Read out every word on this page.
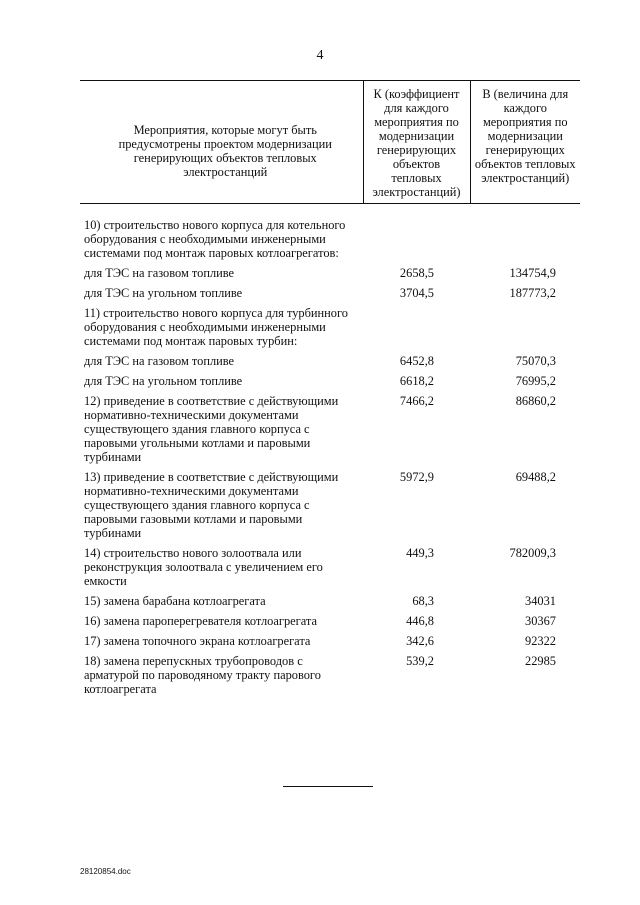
4
Мероприятия, которые могут быть предусмотрены проектом модернизации генерирующих объектов тепловых электростанций	К (коэффициент для каждого мероприятия по модернизации генерирующих объектов тепловых электростанций)	В (величина для каждого мероприятия по модернизации генерирующих объектов тепловых электростанций)
10) строительство нового корпуса для котельного оборудования с необходимыми инженерными системами под монтаж паровых котлоагрегатов:		
для ТЭС на газовом топливе	2658,5	134754,9
для ТЭС на угольном топливе	3704,5	187773,2
11) строительство нового корпуса для турбинного оборудования с необходимыми инженерными системами под монтаж паровых турбин:		
для ТЭС на газовом топливе	6452,8	75070,3
для ТЭС на угольном топливе	6618,2	76995,2
12) приведение в соответствие с действующими нормативно-техническими документами существующего здания главного корпуса с паровыми угольными котлами и паровыми турбинами	7466,2	86860,2
13) приведение в соответствие с действующими нормативно-техническими документами существующего здания главного корпуса с паровыми газовыми котлами и паровыми турбинами	5972,9	69488,2
14) строительство нового золоотвала или реконструкция золоотвала с увеличением его емкости	449,3	782009,3
15) замена барабана котлоагрегата	68,3	34031
16) замена пароперегревателя котлоагрегата	446,8	30367
17) замена топочного экрана котлоагрегата	342,6	92322
18) замена перепускных трубопроводов с арматурой по пароводяному тракту парового котлоагрегата	539,2	22985
28120854.doc
